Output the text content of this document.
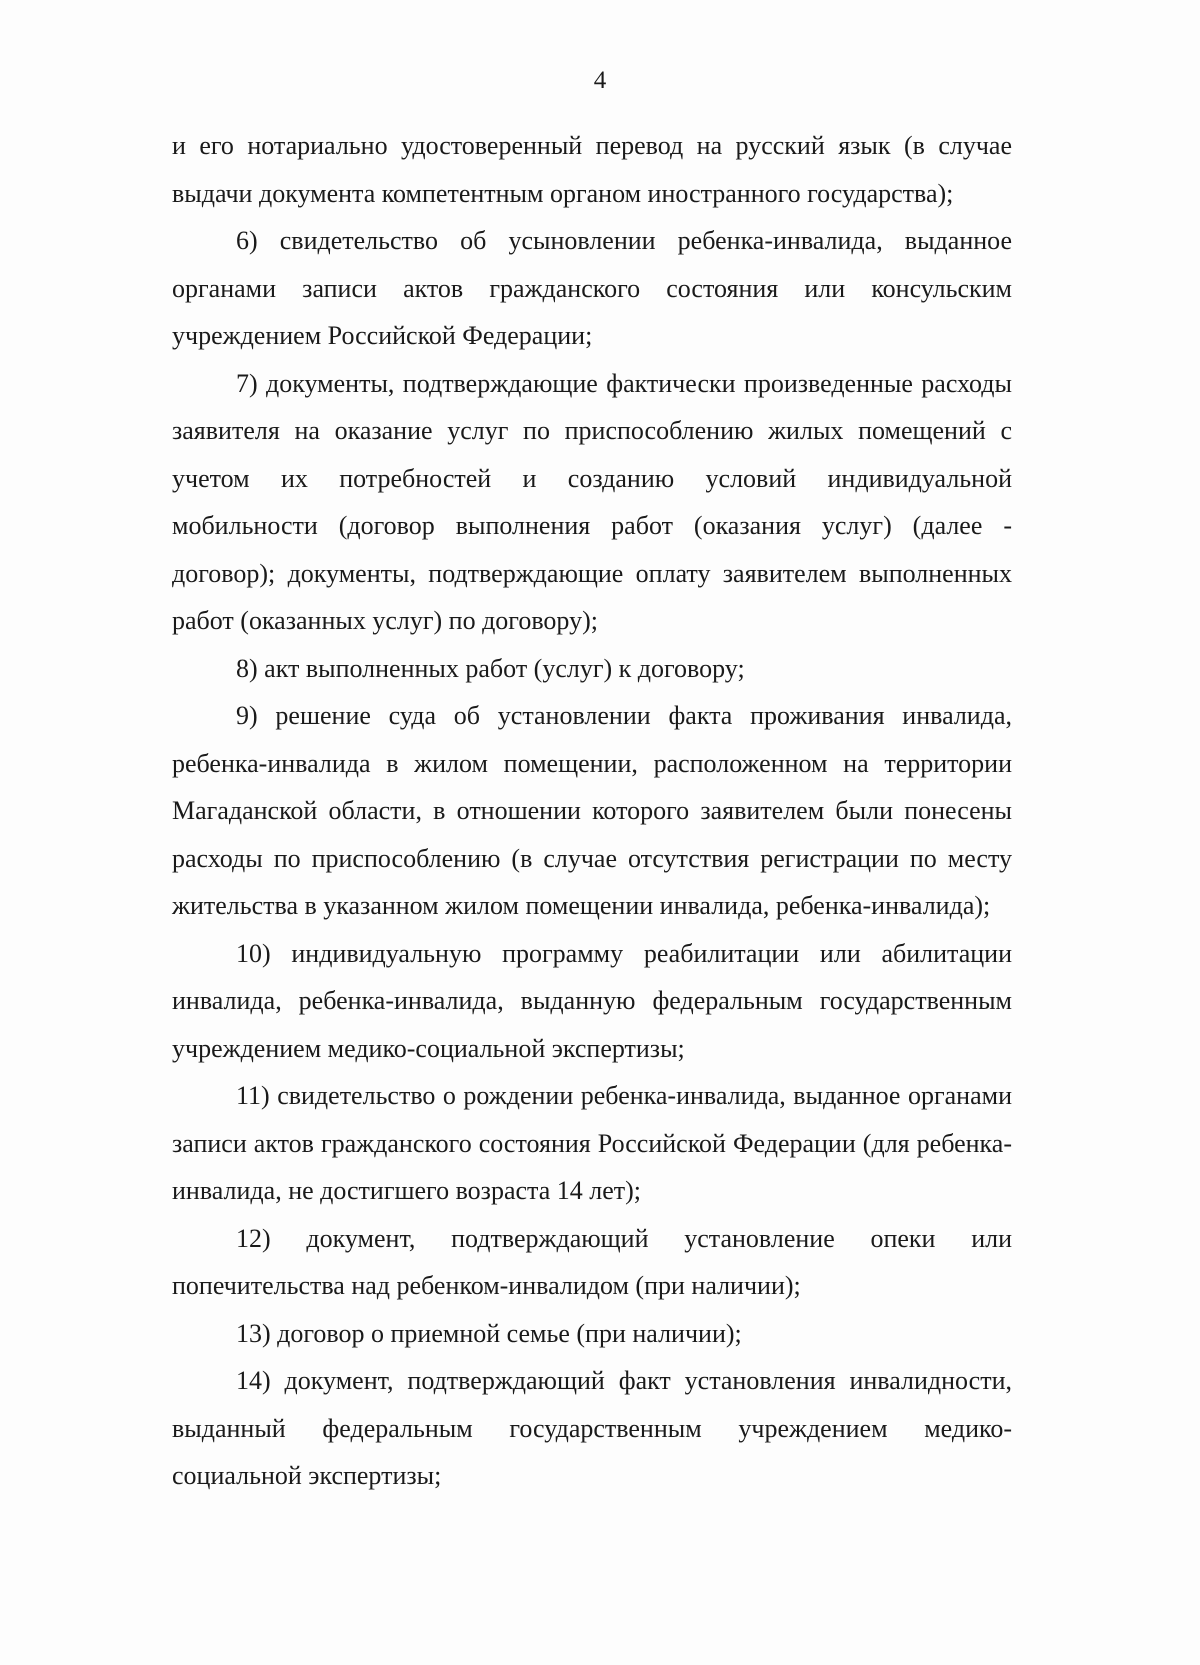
4

и его нотариально удостоверенный перевод на русский язык (в случае выдачи документа компетентным органом иностранного государства);

6) свидетельство об усыновлении ребенка-инвалида, выданное органами записи актов гражданского состояния или консульским учреждением Российской Федерации;

7) документы, подтверждающие фактически произведенные расходы заявителя на оказание услуг по приспособлению жилых помещений с учетом их потребностей и созданию условий индивидуальной мобильности (договор выполнения работ (оказания услуг) (далее - договор); документы, подтверждающие оплату заявителем выполненных работ (оказанных услуг) по договору);

8) акт выполненных работ (услуг) к договору;

9) решение суда об установлении факта проживания инвалида, ребенка-инвалида в жилом помещении, расположенном на территории Магаданской области, в отношении которого заявителем были понесены расходы по приспособлению (в случае отсутствия регистрации по месту жительства в указанном жилом помещении инвалида, ребенка-инвалида);

10) индивидуальную программу реабилитации или абилитации инвалида, ребенка-инвалида, выданную федеральным государственным учреждением медико-социальной экспертизы;

11) свидетельство о рождении ребенка-инвалида, выданное органами записи актов гражданского состояния Российской Федерации (для ребенка-инвалида, не достигшего возраста 14 лет);

12) документ, подтверждающий установление опеки или попечительства над ребенком-инвалидом (при наличии);

13) договор о приемной семье (при наличии);

14) документ, подтверждающий факт установления инвалидности, выданный федеральным государственным учреждением медико-социальной экспертизы;
